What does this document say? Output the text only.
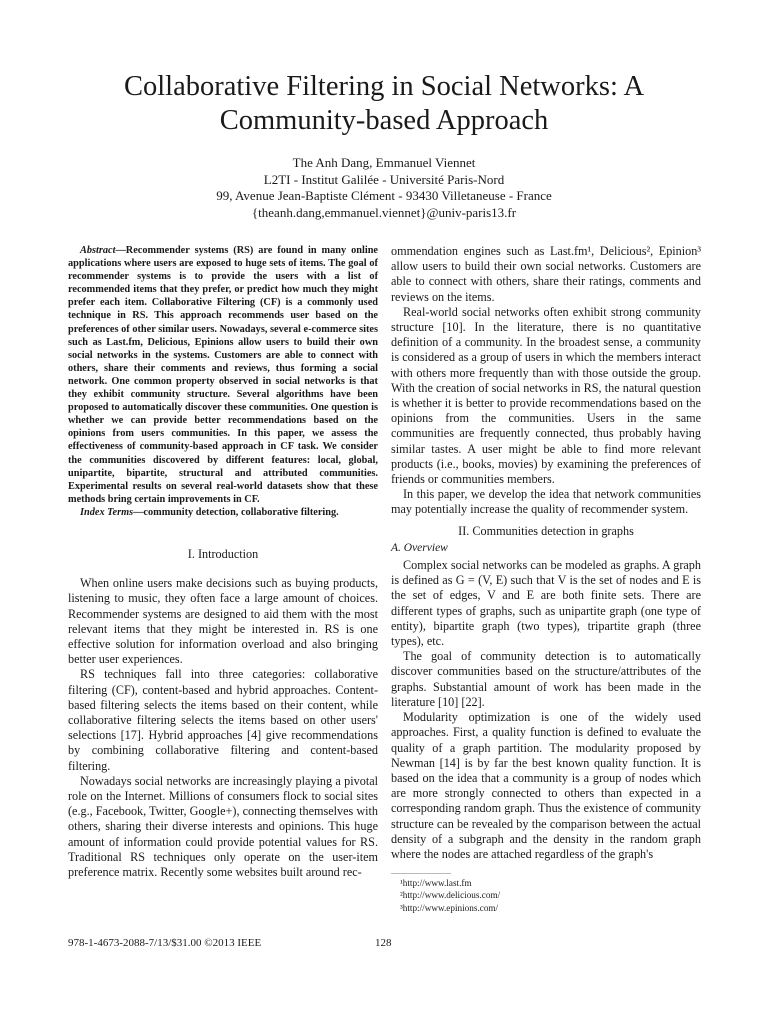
Collaborative Filtering in Social Networks: A Community-based Approach
The Anh Dang, Emmanuel Viennet
L2TI - Institut Galilée - Université Paris-Nord
99, Avenue Jean-Baptiste Clément - 93430 Villetaneuse - France
{theanh.dang,emmanuel.viennet}@univ-paris13.fr

Abstract—Recommender systems (RS) are found in many online applications where users are exposed to huge sets of items. The goal of recommender systems is to provide the users with a list of recommended items that they prefer, or predict how much they might prefer each item. Collaborative Filtering (CF) is a commonly used technique in RS. This approach recommends user based on the preferences of other similar users. Nowadays, several e-commerce sites such as Last.fm, Delicious, Epinions allow users to build their own social networks in the systems. Customers are able to connect with others, share their comments and reviews, thus forming a social network. One common property observed in social networks is that they exhibit community structure. Several algorithms have been proposed to automatically discover these communities. One question is whether we can provide better recommendations based on the opinions from users communities. In this paper, we assess the effectiveness of community-based approach in CF task. We consider the communities discovered by different features: local, global, unipartite, bipartite, structural and attributed communities. Experimental results on several real-world datasets show that these methods bring certain improvements in CF.

Index Terms—community detection, collaborative filtering.

I. Introduction

When online users make decisions such as buying products, listening to music, they often face a large amount of choices. Recommender systems are designed to aid them with the most relevant items that they might be interested in. RS is one effective solution for information overload and also bringing better user experiences.

RS techniques fall into three categories: collaborative filtering (CF), content-based and hybrid approaches. Content-based filtering selects the items based on their content, while collaborative filtering selects the items based on other users' selections [17]. Hybrid approaches [4] give recommendations by combining collaborative filtering and content-based filtering.

Nowadays social networks are increasingly playing a pivotal role on the Internet. Millions of consumers flock to social sites (e.g., Facebook, Twitter, Google+), connecting themselves with others, sharing their diverse interests and opinions. This huge amount of information could provide potential values for RS. Traditional RS techniques only operate on the user-item preference matrix. Recently some websites built around rec-

ommendation engines such as Last.fm¹, Delicious², Epinion³ allow users to build their own social networks. Customers are able to connect with others, share their ratings, comments and reviews on the items.

Real-world social networks often exhibit strong community structure [10]. In the literature, there is no quantitative definition of a community. In the broadest sense, a community is considered as a group of users in which the members interact with others more frequently than with those outside the group. With the creation of social networks in RS, the natural question is whether it is better to provide recommendations based on the opinions from the communities. Users in the same communities are frequently connected, thus probably having similar tastes. A user might be able to find more relevant products (i.e., books, movies) by examining the preferences of friends or communities members.

In this paper, we develop the idea that network communities may potentially increase the quality of recommender system.

II. Communities detection in graphs
A. Overview

Complex social networks can be modeled as graphs. A graph is defined as G = (V, E) such that V is the set of nodes and E is the set of edges, V and E are both finite sets. There are different types of graphs, such as unipartite graph (one type of entity), bipartite graph (two types), tripartite graph (three types), etc.

The goal of community detection is to automatically discover communities based on the structure/attributes of the graphs. Substantial amount of work has been made in the literature [10] [22].

Modularity optimization is one of the widely used approaches. First, a quality function is defined to evaluate the quality of a graph partition. The modularity proposed by Newman [14] is by far the best known quality function. It is based on the idea that a community is a group of nodes which are more strongly connected to others than expected in a corresponding random graph. Thus the existence of community structure can be revealed by the comparison between the actual density of a subgraph and the density in the random graph where the nodes are attached regardless of the graph's

¹http://www.last.fm
²http://www.delicious.com/
³http://www.epinions.com/
978-1-4673-2088-7/13/$31.00 ©2013 IEEE	128
